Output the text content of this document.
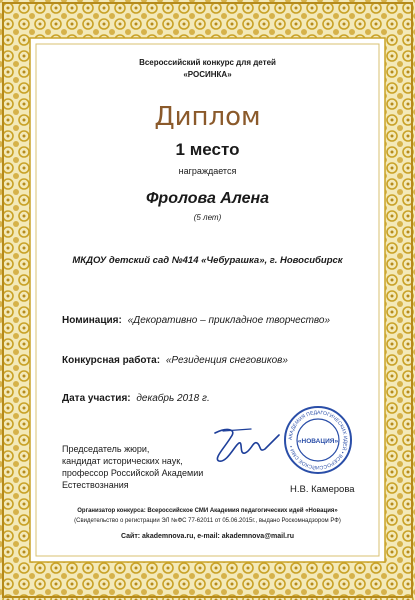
Всероссийский конкурс для детей
«РОСИНКА»
Диплом
1 место
награждается
Фролова Алена
(5 лет)
МКДОУ детский сад №414 «Чебурашка», г. Новосибирск
Номинация: «Декоративно – прикладное творчество»
Конкурсная работа: «Резиденция снеговиков»
Дата участия: декабрь 2018 г.
Председатель жюри,
кандидат исторических наук,
профессор Российской Академии
Естествознания
АКАДЕМИЯ ПЕДАГОГИЧЕСКИХ ИДЕЙ • ВСЕРОССИЙСКОЕ СМИ •
«НОВАЦИЯ»
Н.В. Камерова
Организатор конкурса: Всероссийское СМИ Академия педагогических идей «Новация»
(Свидетельство о регистрации ЭЛ №ФС 77-62011 от 05.06.2015г., выдано Роскомнадзором РФ)
Сайт: akademnova.ru, e-mail: akademnova@mail.ru
